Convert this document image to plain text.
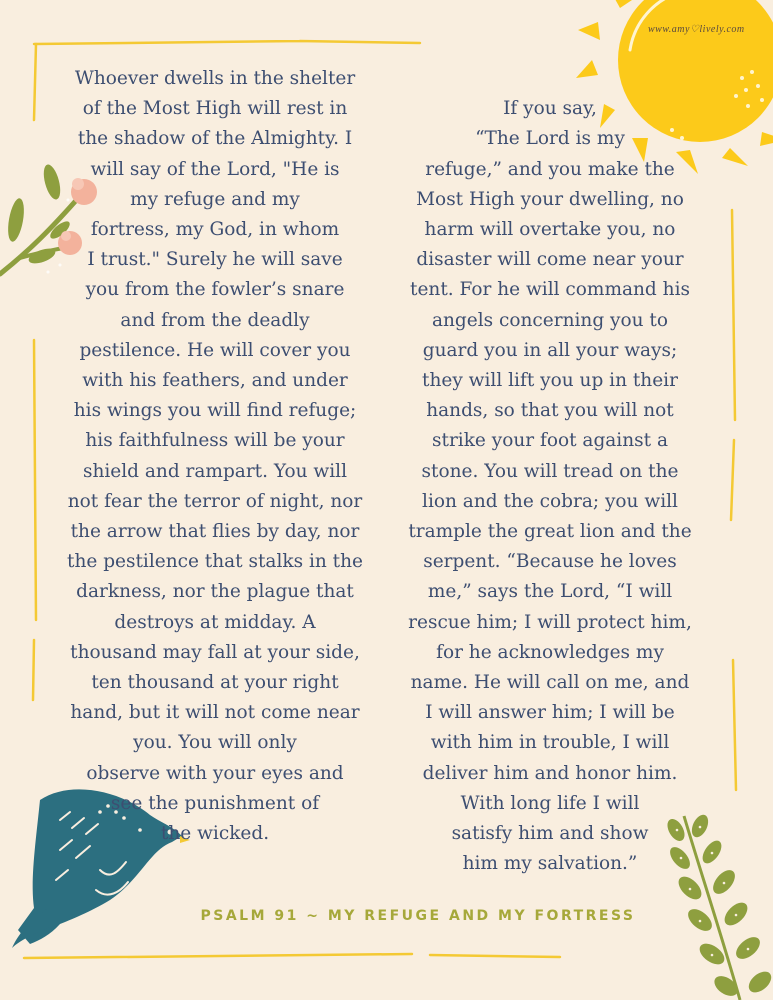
www.amy♡lively.com
Whoever dwells in the shelter
of the Most High will rest in
the shadow of the Almighty. I
will say of the Lord, "He is
my refuge and my
fortress, my God, in whom
I trust." Surely he will save
you from the fowler’s snare
and from the deadly
pestilence. He will cover you
with his feathers, and under
his wings you will find refuge;
his faithfulness will be your
shield and rampart. You will
not fear the terror of night, nor
the arrow that flies by day, nor
the pestilence that stalks in the
darkness, nor the plague that
destroys at midday. A
thousand may fall at your side,
ten thousand at your right
hand, but it will not come near
you. You will only
observe with your eyes and
see the punishment of
the wicked.

If you say,
“The Lord is my
refuge,” and you make the
Most High your dwelling, no
harm will overtake you, no
disaster will come near your
tent. For he will command his
angels concerning you to
guard you in all your ways;
they will lift you up in their
hands, so that you will not
strike your foot against a
stone. You will tread on the
lion and the cobra; you will
trample the great lion and the
serpent. “Because he loves
me,” says the Lord, “I will
rescue him; I will protect him,
for he acknowledges my
name. He will call on me, and
I will answer him; I will be
with him in trouble, I will
deliver him and honor him.
With long life I will
satisfy him and show
him my salvation.”
PSALM 91 ~ MY REFUGE AND MY FORTRESS
